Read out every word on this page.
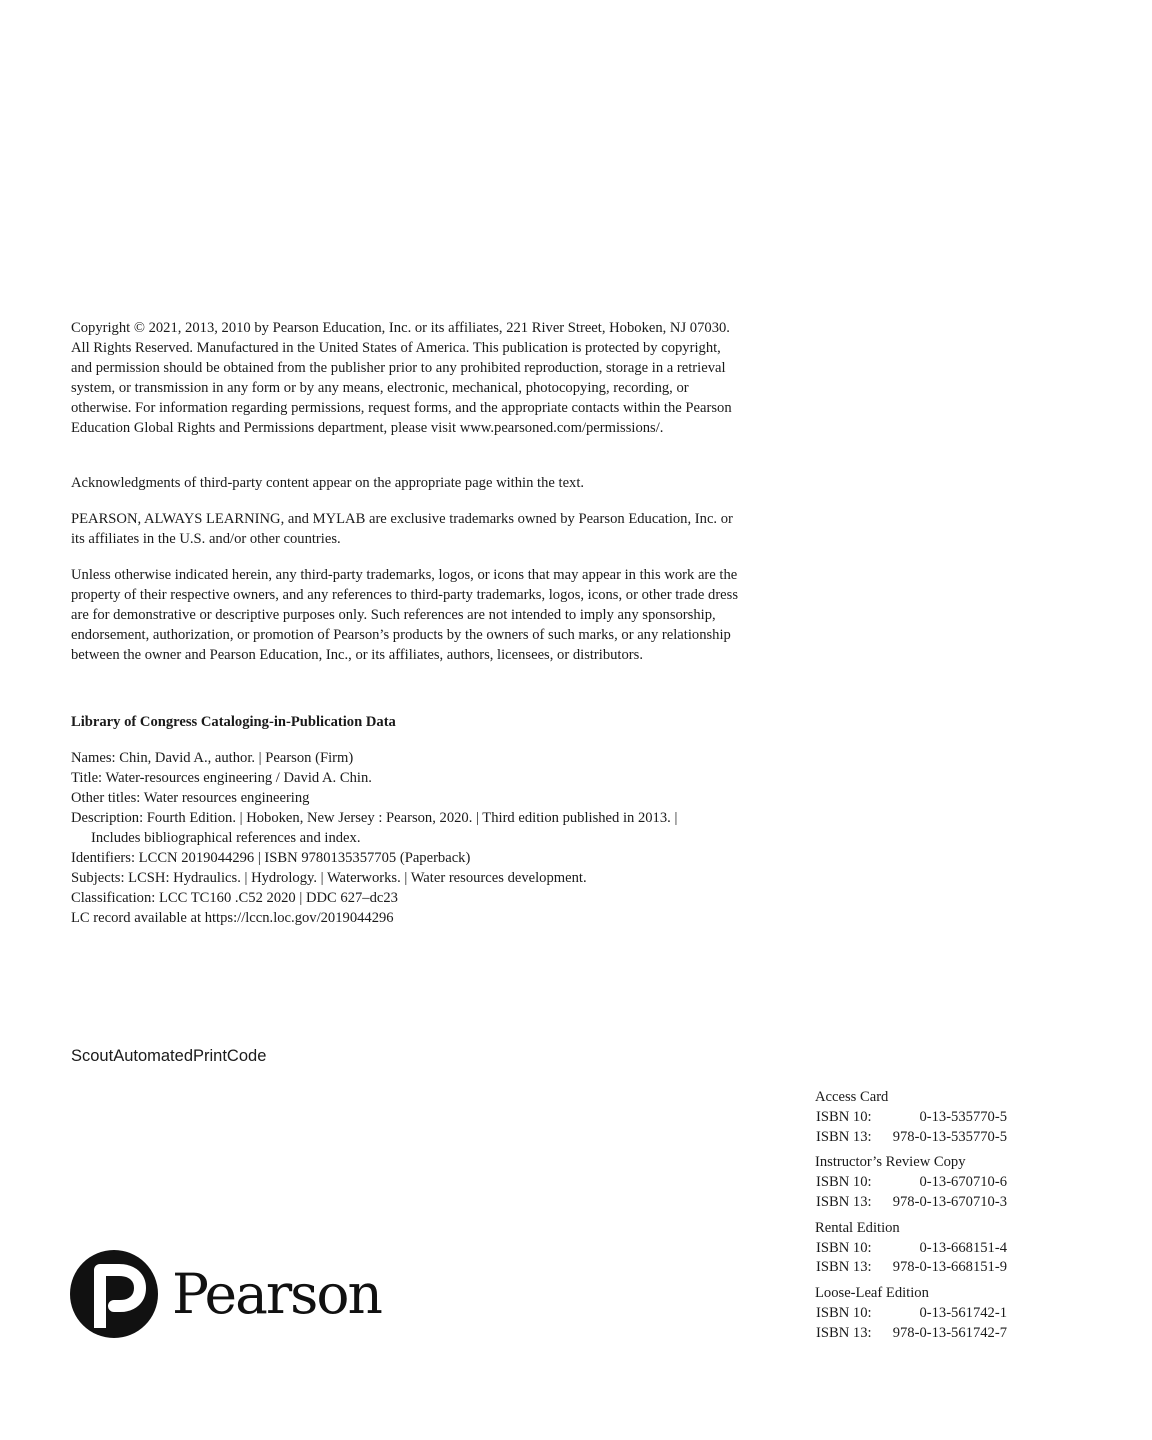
Copyright © 2021, 2013, 2010 by Pearson Education, Inc. or its affiliates, 221 River Street, Hoboken, NJ 07030. All Rights Reserved. Manufactured in the United States of America. This publication is protected by copyright, and permission should be obtained from the publisher prior to any prohibited reproduction, storage in a retrieval system, or transmission in any form or by any means, electronic, mechanical, photocopying, recording, or otherwise. For information regarding permissions, request forms, and the appropriate contacts within the Pearson Education Global Rights and Permissions department, please visit www.pearsoned.com/permissions/.

Acknowledgments of third-party content appear on the appropriate page within the text.

PEARSON, ALWAYS LEARNING, and MYLAB are exclusive trademarks owned by Pearson Education, Inc. or its affiliates in the U.S. and/or other countries.

Unless otherwise indicated herein, any third-party trademarks, logos, or icons that may appear in this work are the property of their respective owners, and any references to third-party trademarks, logos, icons, or other trade dress are for demonstrative or descriptive purposes only. Such references are not intended to imply any sponsorship, endorsement, authorization, or promotion of Pearson’s products by the owners of such marks, or any relationship between the owner and Pearson Education, Inc., or its affiliates, authors, licensees, or distributors.

Library of Congress Cataloging-in-Publication Data
Names: Chin, David A., author. | Pearson (Firm)
Title: Water-resources engineering / David A. Chin.
Other titles: Water resources engineering
Description: Fourth Edition. | Hoboken, New Jersey : Pearson, 2020. | Third edition published in 2013. |
Includes bibliographical references and index.
Identifiers: LCCN 2019044296 | ISBN 9780135357705 (Paperback)
Subjects: LCSH: Hydraulics. | Hydrology. | Waterworks. | Water resources development.
Classification: LCC TC160 .C52 2020 | DDC 627–dc23
LC record available at https://lccn.loc.gov/2019044296
ScoutAutomatedPrintCode
Access Card
ISBN 10:	0-13-535770-5
ISBN 13:	978-0-13-535770-5
Instructor’s Review Copy
ISBN 10:	0-13-670710-6
ISBN 13:	978-0-13-670710-3
Rental Edition
ISBN 10:	0-13-668151-4
ISBN 13:	978-0-13-668151-9
Loose-Leaf Edition
ISBN 10:	0-13-561742-1
ISBN 13:	978-0-13-561742-7
Pearson
